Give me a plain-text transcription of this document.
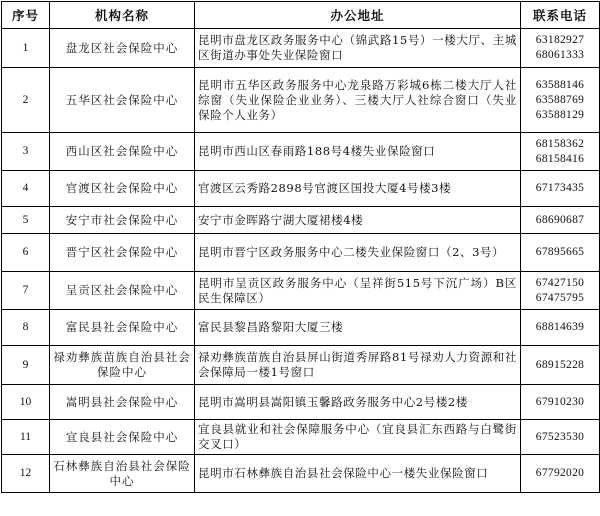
序号	机构名称	办公地址	联系电话
1	盘龙区社会保险中心	昆明市盘龙区政务服务中心（锦武路15号）一楼大厅、主城区街道办事处失业保险窗口	63182927
68061333

2	五华区社会保险中心	昆明市五华区政务服务中心龙泉路万彩城6栋二楼大厅人社综窗（失业保险企业业务）、三楼大厅人社综合窗口（失业保险个人业务）	63588146
63588769
63588129

3	西山区社会保险中心	昆明市西山区春雨路188号4楼失业保险窗口	68158362
68158416

4	官渡区社会保险中心	官渡区云秀路2898号官渡区国投大厦4号楼3楼	67173435

5	安宁市社会保险中心	安宁市金晖路宁湖大厦裙楼4楼	68690687

6	晋宁区社会保险中心	昆明市晋宁区政务服务中心二楼失业保险窗口（2、3号）	67895665

7	呈贡区社会保险中心	昆明市呈贡区政务服务中心（呈祥街515号下沉广场）B区民生保障区）	67427150
67475795

8	富民县社会保险中心	富民县黎昌路黎阳大厦三楼	68814639

9	禄劝彝族苗族自治县社会保险中心	禄劝彝族苗族自治县屏山街道秀屏路81号禄劝人力资源和社会保障局一楼1号窗口	68915228

10	嵩明县社会保险中心	昆明市嵩明县嵩阳镇玉馨路政务服务中心2号楼2楼	67910230

11	宜良县社会保险中心	宜良县就业和社会保障服务中心（宜良县汇东西路与白鹭街交叉口）	67523530

12	石林彝族自治县社会保险中心	昆明市石林彝族自治县社会保险中心一楼失业保险窗口	67792020
